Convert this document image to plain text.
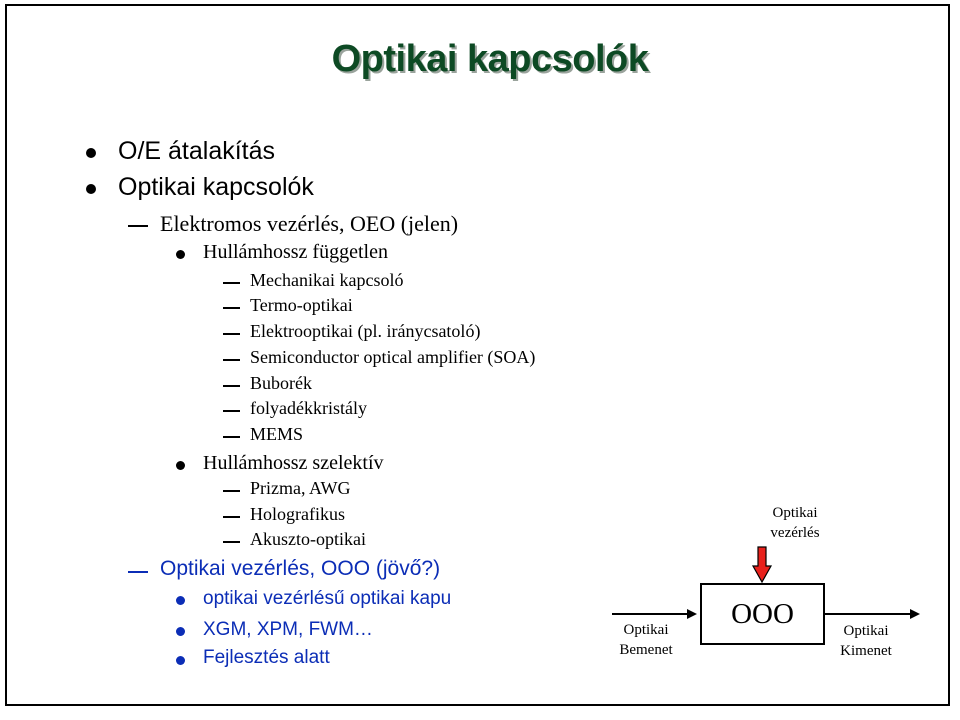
Optikai kapcsolók
O/E átalakítás
Optikai kapcsolók
Elektromos vezérlés, OEO (jelen)
Hullámhossz független
Mechanikai kapcsoló
Termo-optikai
Elektrooptikai (pl. iránycsatoló)
Semiconductor optical amplifier (SOA)
Buborék
folyadékkristály
MEMS
Hullámhossz szelektív
Prizma, AWG
Holografikus
Akuszto-optikai
Optikai vezérlés, OOO (jövő?)
optikai vezérlésű optikai kapu
XGM, XPM, FWM…
Fejlesztés alatt
Optikai
vezérlés
OOO
Optikai
Bemenet
Optikai
Kimenet
